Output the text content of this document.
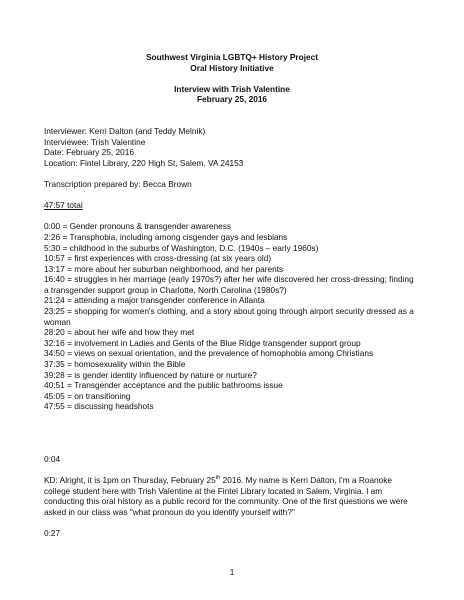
Southwest Virginia LGBTQ+ History Project

Oral History Initiative

Interview with Trish Valentine

February 25, 2016

Interviewer: Kerri Dalton (and Teddy Melnik)

Interviewee: Trish Valentine

Date: February 25, 2016

Location: Fintel Library, 220 High St, Salem, VA 24153

Transcription prepared by: Becca Brown

47:57 total

0:00 = Gender pronouns & transgender awareness

2:26 = Transphobia, including among cisgender gays and lesbians

5:30 = childhood in the suburbs of Washington, D.C. (1940s – early 1960s)

10:57 = first experiences with cross-dressing (at six years old)

13:17 = more about her suburban neighborhood, and her parents

16:40 = struggles in her marriage (early 1970s?) after her wife discovered her cross-dressing; finding a transgender support group in Charlotte, North Carolina (1980s?)

21:24 = attending a major transgender conference in Atlanta

23:25 = shopping for women's clothing, and a story about going through airport security dressed as a woman

28:20 = about her wife and how they met

32:16 = involvement in Ladies and Gents of the Blue Ridge transgender support group

34:50 = views on sexual orientation, and the prevalence of homophobia among Christians

37:35 = homosexuality within the Bible

39:28 = is gender identity influenced by nature or nurture?

40:51 = Transgender acceptance and the public bathrooms issue

45:05 = on transitioning

47:55 = discussing headshots

0:04

KD: Alright, it is 1pm on Thursday, February 25th 2016. My name is Kerri Dalton, I'm a Roanoke college student here with Trish Valentine at the Fintel Library located in Salem, Virginia. I am conducting this oral history as a public record for the community. One of the first questions we were asked in our class was "what pronoun do you identify yourself with?"

0:27

1
